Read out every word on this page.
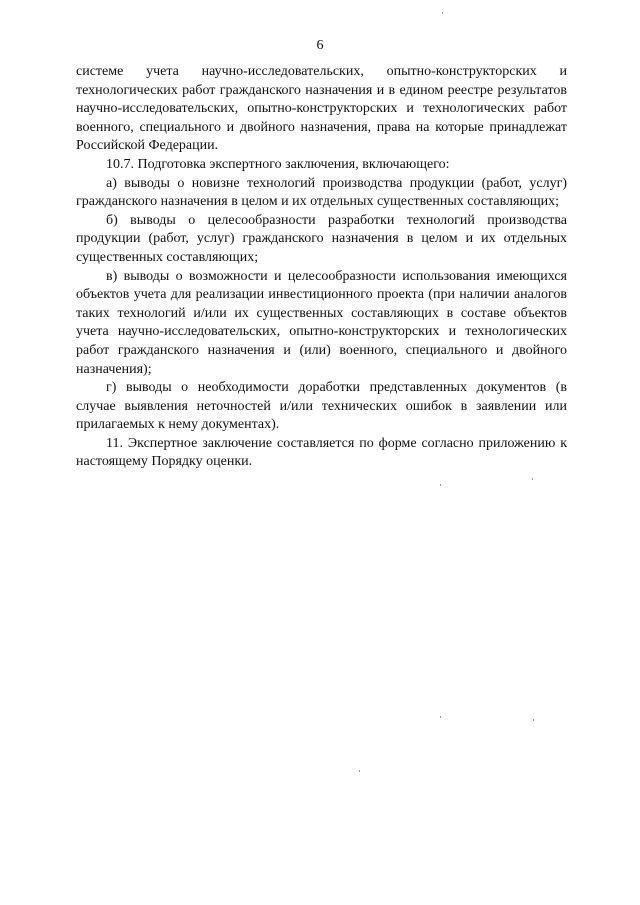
6

системе учета научно-исследовательских, опытно-конструкторских и технологических работ гражданского назначения и в едином реестре результатов научно-исследовательских, опытно-конструкторских и технологических работ военного, специального и двойного назначения, права на которые принадлежат Российской Федерации.

10.7. Подготовка экспертного заключения, включающего:

а) выводы о новизне технологий производства продукции (работ, услуг) гражданского назначения в целом и их отдельных существенных составляющих;

б) выводы о целесообразности разработки технологий производства продукции (работ, услуг) гражданского назначения в целом и их отдельных существенных составляющих;

в) выводы о возможности и целесообразности использования имеющихся объектов учета для реализации инвестиционного проекта (при наличии аналогов таких технологий и/или их существенных составляющих в составе объектов учета научно-исследовательских, опытно-конструкторских и технологических работ гражданского назначения и (или) военного, специального и двойного назначения);

г) выводы о необходимости доработки представленных документов (в случае выявления неточностей и/или технических ошибок в заявлении или прилагаемых к нему документах).

11. Экспертное заключение составляется по форме согласно приложению к настоящему Порядку оценки.
